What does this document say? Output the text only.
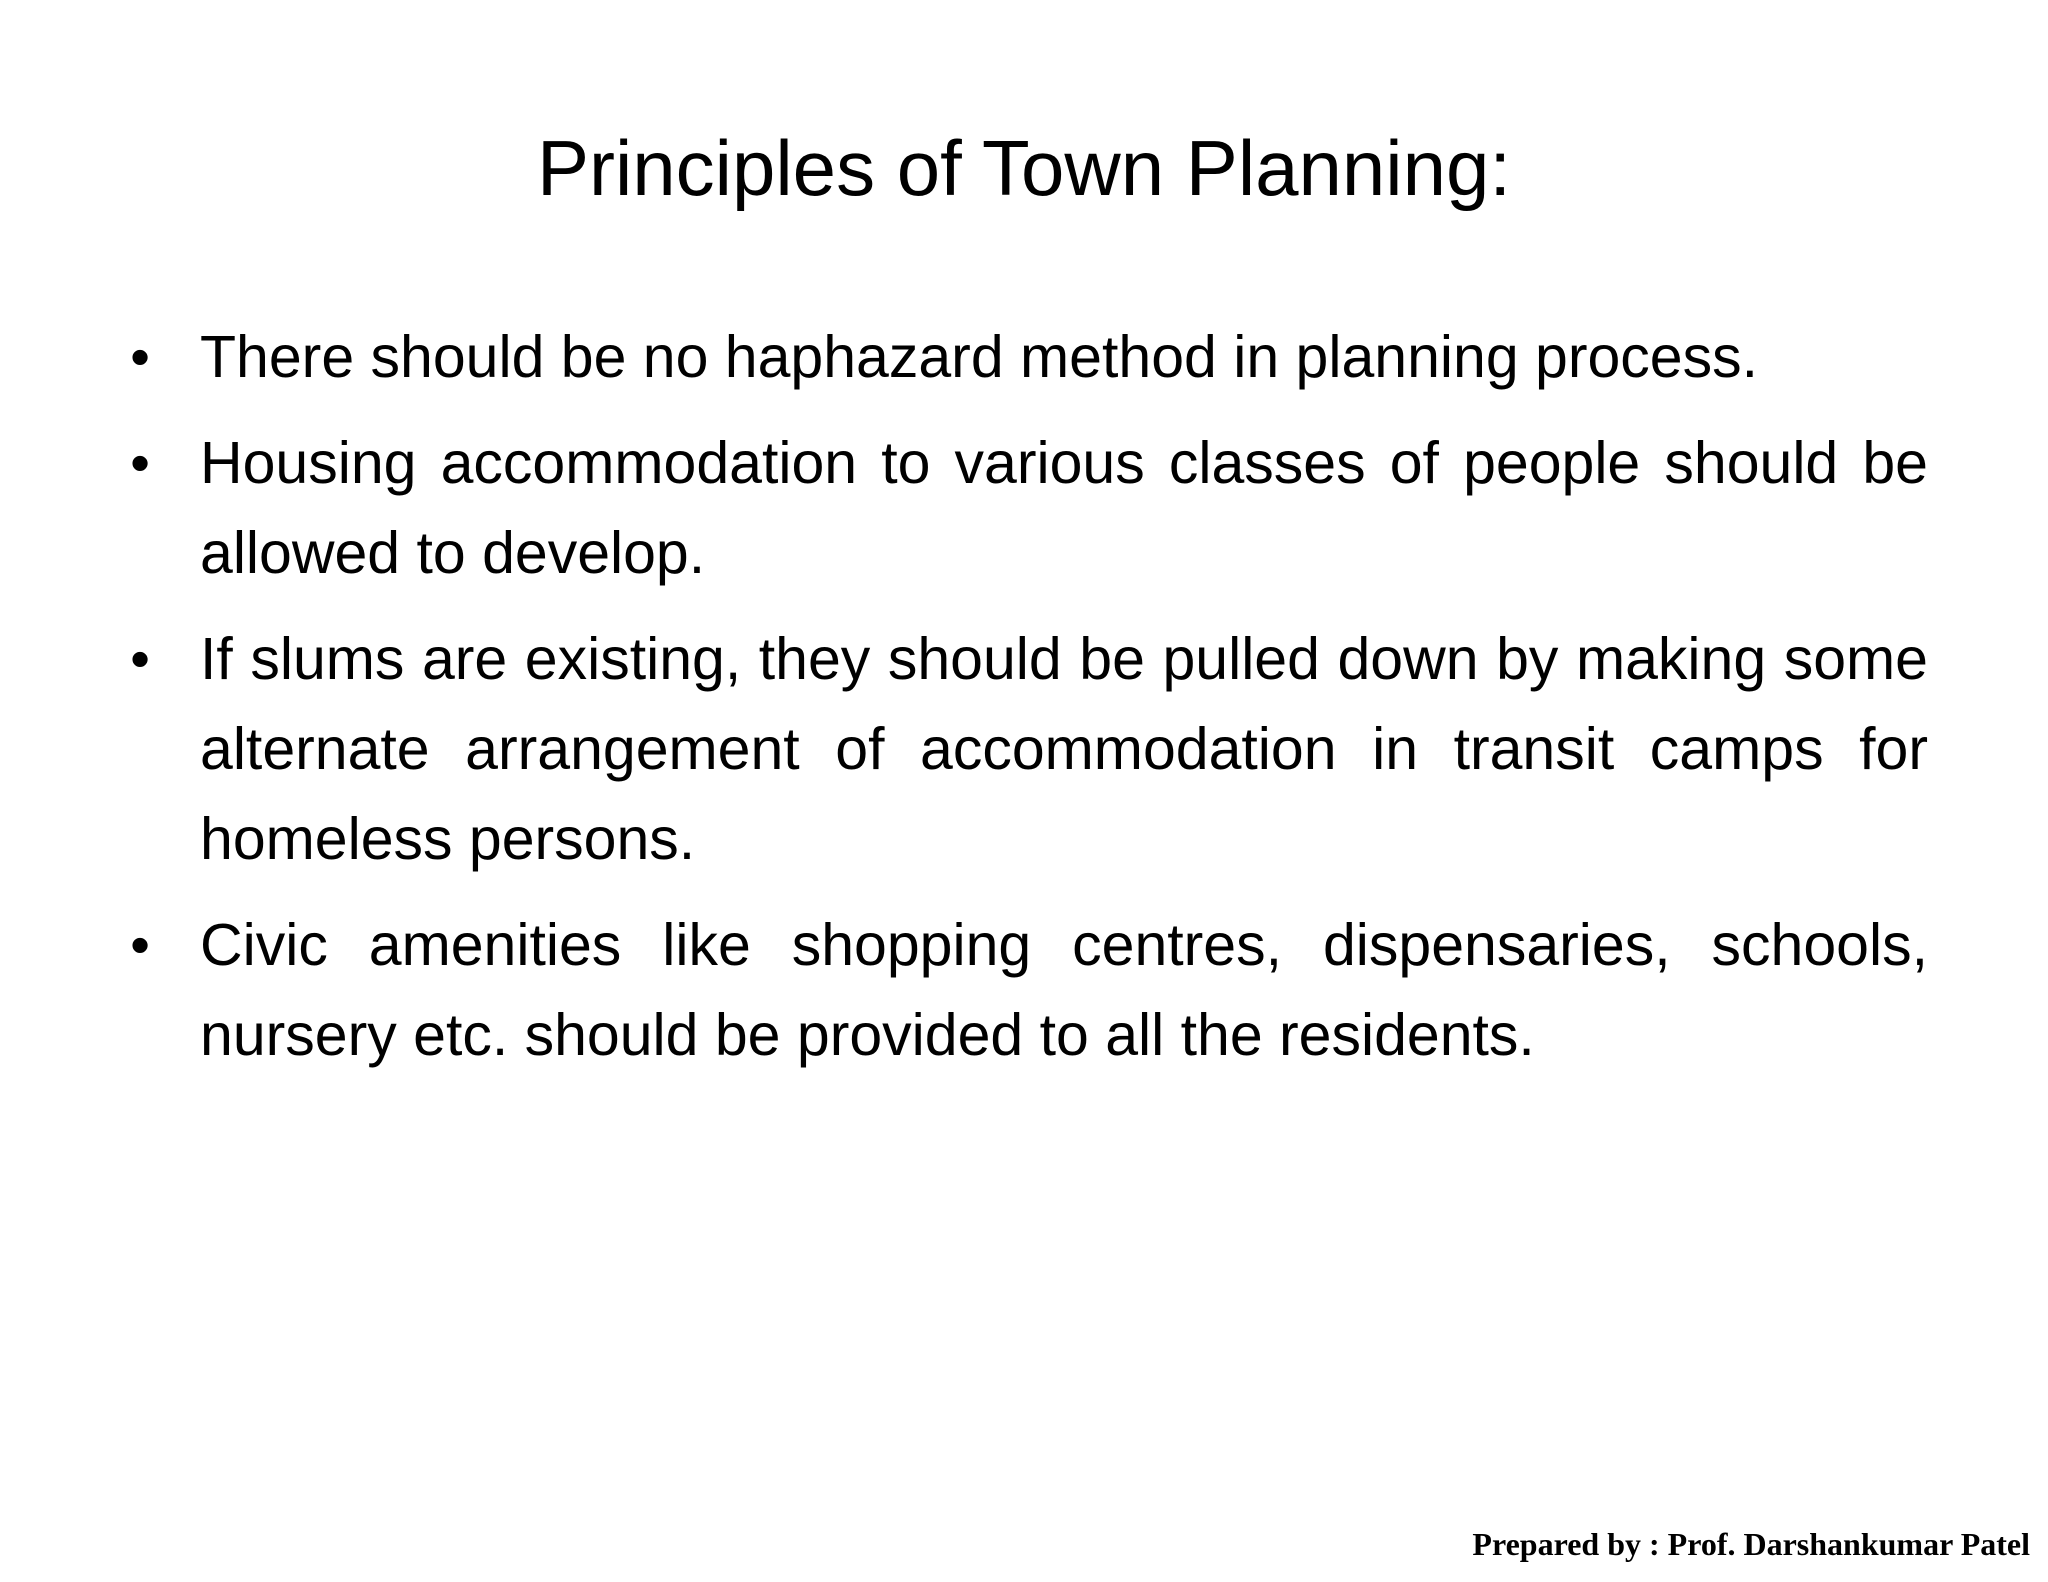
Principles of Town Planning:
• There should be no haphazard method in planning process.
• Housing accommodation to various classes of people should be allowed to develop.
• If slums are existing, they should be pulled down by making some alternate arrangement of accommodation in transit camps for homeless persons.
• Civic amenities like shopping centres, dispensaries, schools, nursery etc. should be provided to all the residents.
Prepared by : Prof. Darshankumar Patel
